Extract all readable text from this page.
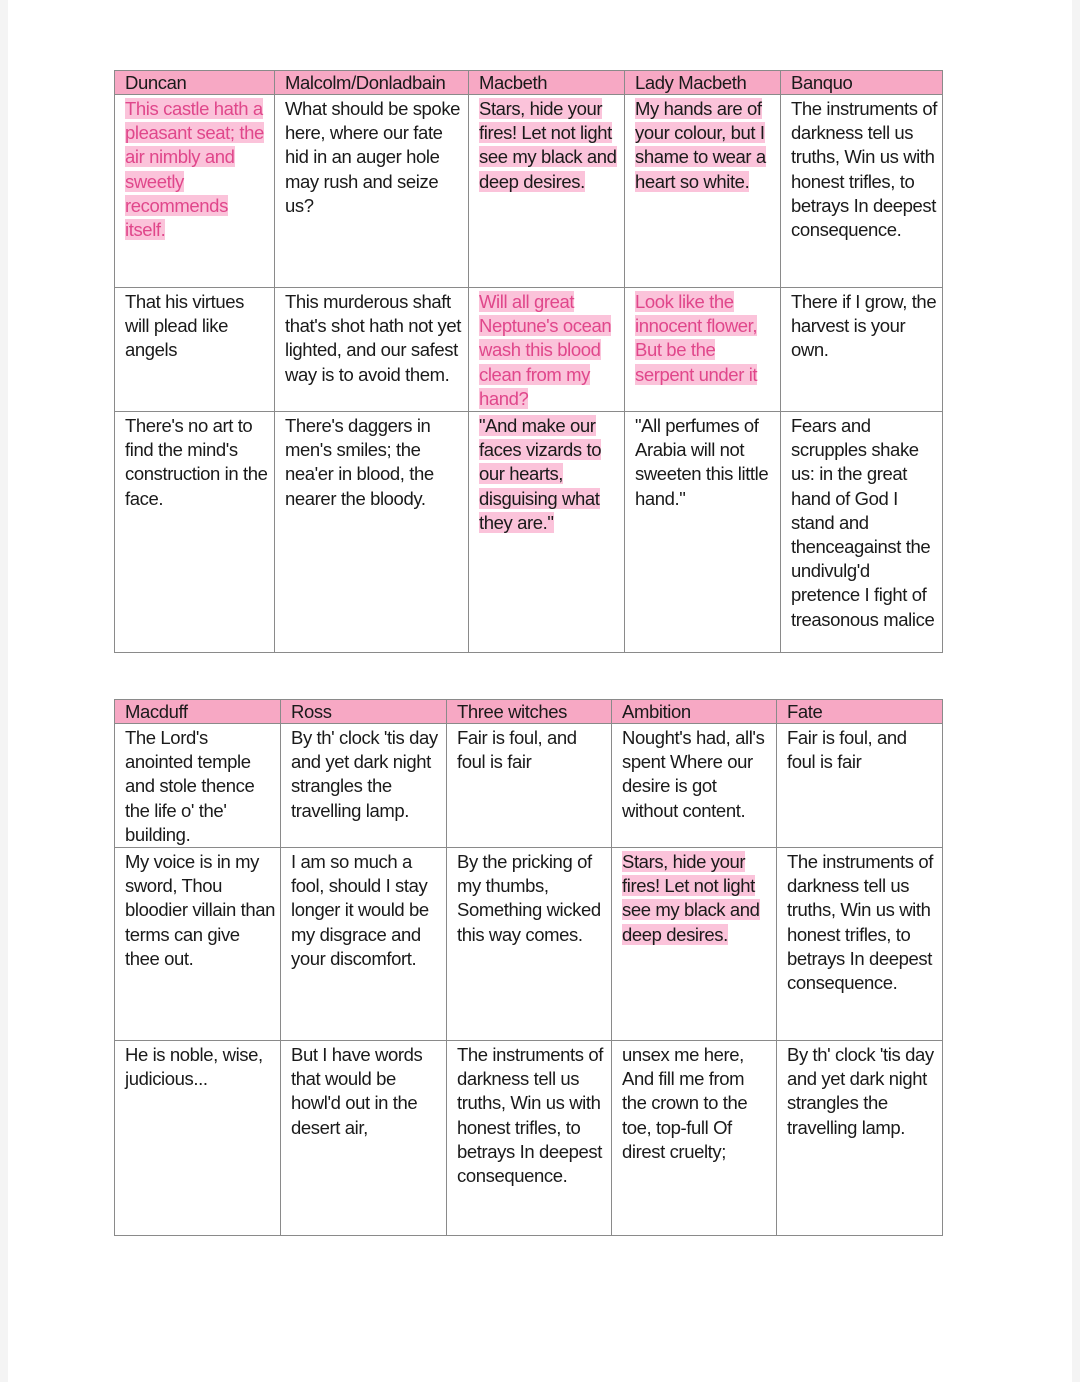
Duncan	Malcolm/Donladbain	Macbeth	Lady Macbeth	Banquo
This castle hath a pleasant seat; the air nimbly and sweetly recommends itself.	What should be spoke here, where our fate hid in an auger hole may rush and seize us?	Stars, hide your fires! Let not light see my black and deep desires.	My hands are of your colour, but I shame to wear a heart so white.	The instruments of darkness tell us truths, Win us with honest trifles, to betrays In deepest consequence.
That his virtues will plead like angels	This murderous shaft that's shot hath not yet lighted, and our safest way is to avoid them.	Will all great Neptune's ocean wash this blood clean from my hand?	Look like the innocent flower, But be the serpent under it	There if I grow, the harvest is your own.
There's no art to find the mind's construction in the face.	There's daggers in men's smiles; the nea'er in blood, the nearer the bloody.	"And make our faces vizards to our hearts, disguising what they are."	"All perfumes of Arabia will not sweeten this little hand."	Fears and scrupples shake us: in the great hand of God I stand and thenceagainst the undivulg'd pretence I fight of treasonous malice
Macduff	Ross	Three witches	Ambition	Fate
The Lord's anointed temple and stole thence the life o' the' building.	By th' clock 'tis day and yet dark night strangles the travelling lamp.	Fair is foul, and foul is fair	Nought's had, all's spent Where our desire is got without content.	Fair is foul, and foul is fair
My voice is in my sword, Thou bloodier villain than terms can give thee out.	I am so much a fool, should I stay longer it would be my disgrace and your discomfort.	By the pricking of my thumbs, Something wicked this way comes.	Stars, hide your fires! Let not light see my black and deep desires.	The instruments of darkness tell us truths, Win us with honest trifles, to betrays In deepest consequence.
He is noble, wise, judicious...	But I have words that would be howl'd out in the desert air,	The instruments of darkness tell us truths, Win us with honest trifles, to betrays In deepest consequence.	unsex me here, And fill me from the crown to the toe, top-full Of direst cruelty;	By th' clock 'tis day and yet dark night strangles the travelling lamp.
